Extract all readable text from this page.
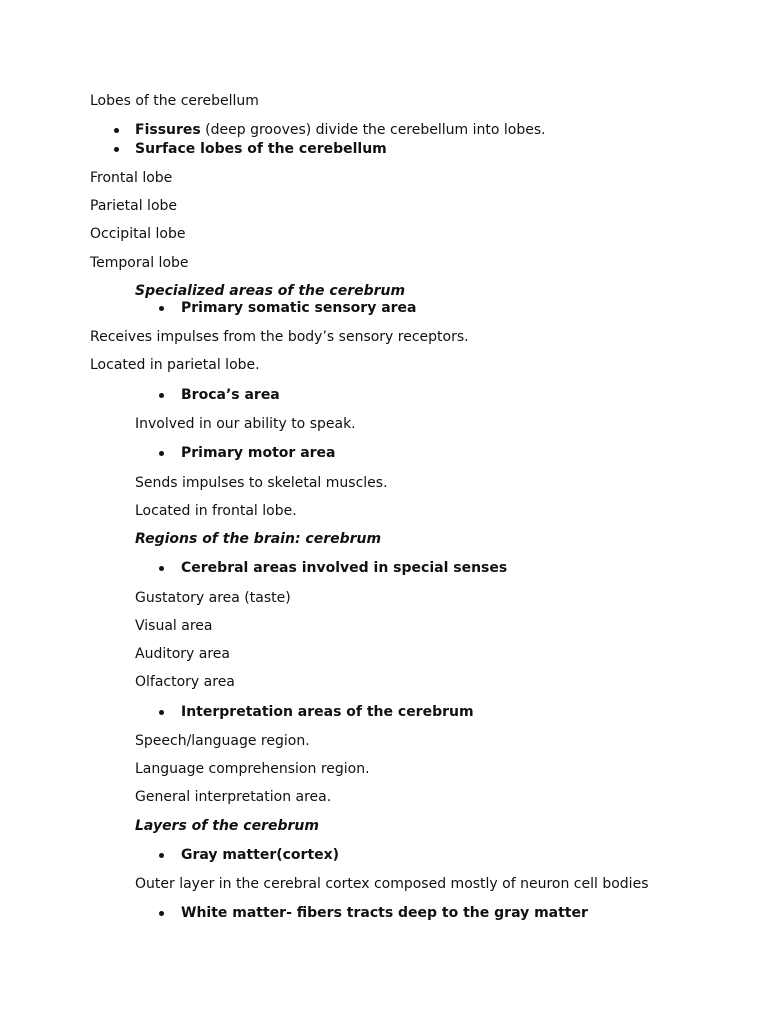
Lobes of the cerebellum
Fissures (deep grooves) divide the cerebellum into lobes.
Surface lobes of the cerebellum
Frontal lobe
Parietal lobe
Occipital lobe
Temporal lobe
Specialized areas of the cerebrum
Primary somatic sensory area
Receives impulses from the body’s sensory receptors.
Located in parietal lobe.
Broca’s area
Involved in our ability to speak.
Primary motor area
Sends impulses to skeletal muscles.
Located in frontal lobe.
Regions of the brain: cerebrum
Cerebral areas involved in special senses
Gustatory area (taste)
Visual area
Auditory area
Olfactory area
Interpretation areas of the cerebrum
Speech/language region.
Language comprehension region.
General interpretation area.
Layers of the cerebrum
Gray matter(cortex)
Outer layer in the cerebral cortex composed mostly of neuron cell bodies
White matter- fibers tracts deep to the gray matter
